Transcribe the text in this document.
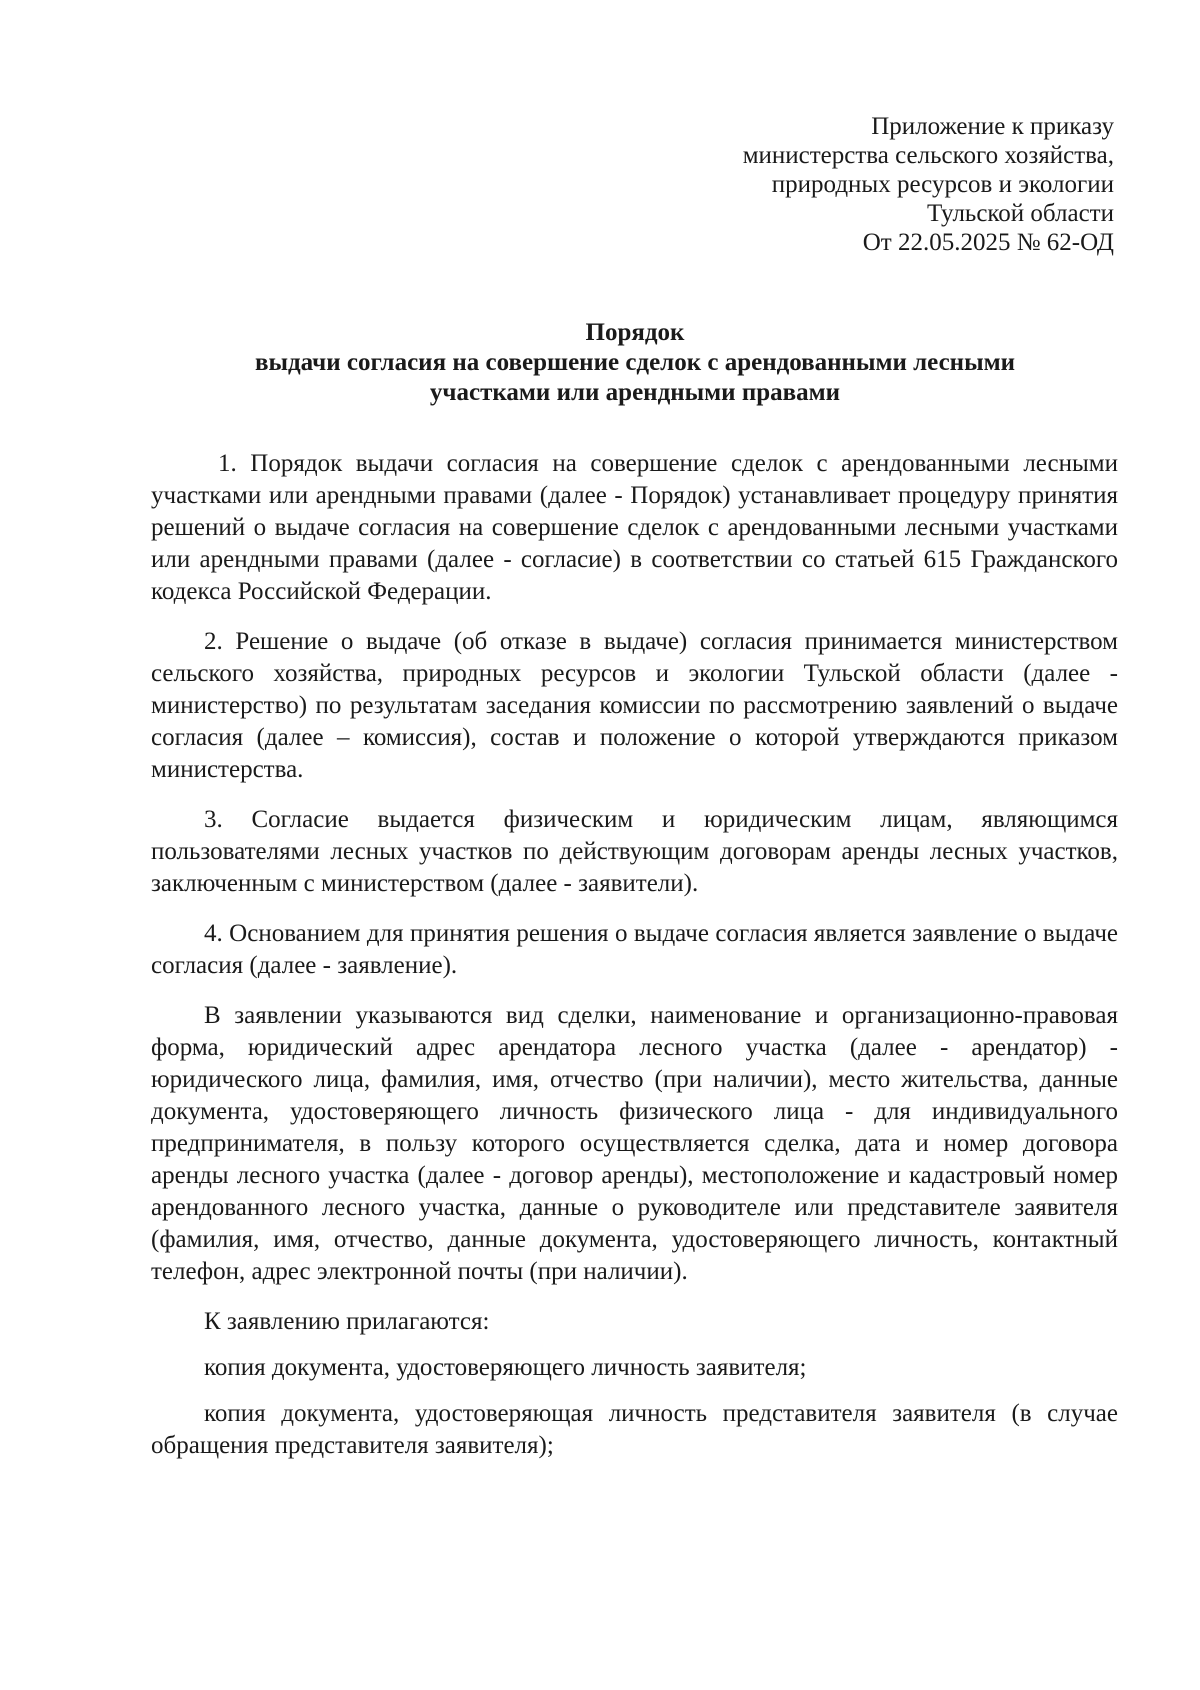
Приложение к приказу
министерства сельского хозяйства,
природных ресурсов и экологии
Тульской области
От 22.05.2025 № 62-ОД
Порядок
выдачи согласия на совершение сделок с арендованными лесными
участками или арендными правами

1. Порядок выдачи согласия на совершение сделок с арендованными лесными участками или арендными правами (далее - Порядок) устанавливает процедуру принятия решений о выдаче согласия на совершение сделок с арендованными лесными участками или арендными правами (далее - согласие) в соответствии со статьей 615 Гражданского кодекса Российской Федерации.

2. Решение о выдаче (об отказе в выдаче) согласия принимается министерством сельского хозяйства, природных ресурсов и экологии Тульской области (далее - министерство) по результатам заседания комиссии по рассмотрению заявлений о выдаче согласия (далее – комиссия), состав и положение о которой утверждаются приказом министерства.

3. Согласие выдается физическим и юридическим лицам, являющимся пользователями лесных участков по действующим договорам аренды лесных участков, заключенным с министерством (далее - заявители).

4. Основанием для принятия решения о выдаче согласия является заявление о выдаче согласия (далее - заявление).

В заявлении указываются вид сделки, наименование и организационно-правовая форма, юридический адрес арендатора лесного участка (далее - арендатор) - юридического лица, фамилия, имя, отчество (при наличии), место жительства, данные документа, удостоверяющего личность физического лица - для индивидуального предпринимателя, в пользу которого осуществляется сделка, дата и номер договора аренды лесного участка (далее - договор аренды), местоположение и кадастровый номер арендованного лесного участка, данные о руководителе или представителе заявителя (фамилия, имя, отчество, данные документа, удостоверяющего личность, контактный телефон, адрес электронной почты (при наличии).

К заявлению прилагаются:

копия документа, удостоверяющего личность заявителя;

копия документа, удостоверяющая личность представителя заявителя (в случае обращения представителя заявителя);
